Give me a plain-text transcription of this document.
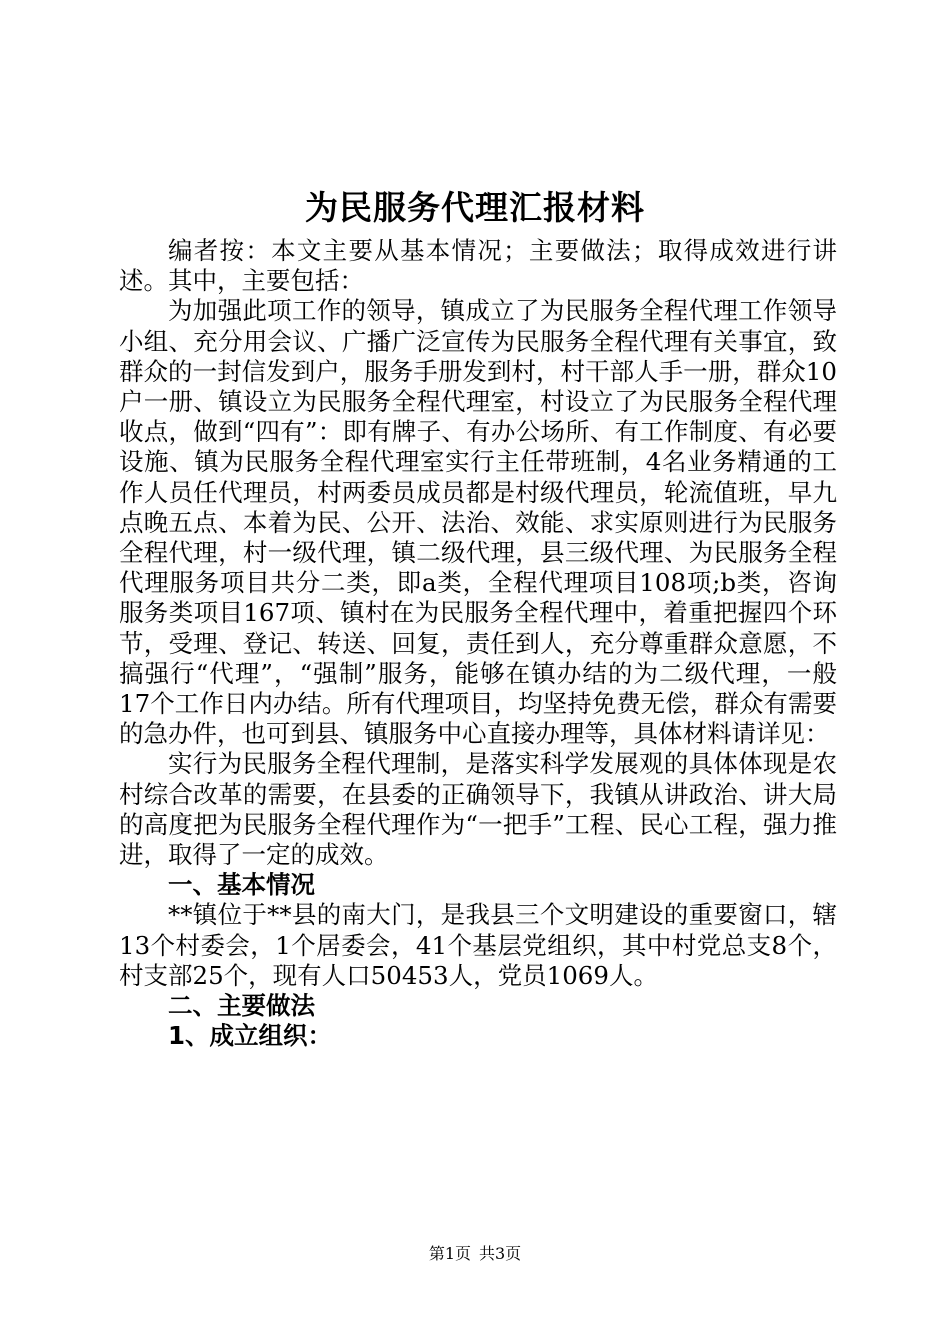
为民服务代理汇报材料

编者按：本文主要从基本情况；主要做法；取得成效进行讲述。其中，主要包括：

为加强此项工作的领导，镇成立了为民服务全程代理工作领导小组、充分用会议、广播广泛宣传为民服务全程代理有关事宜，致群众的一封信发到户，服务手册发到村，村干部人手一册，群众10户一册、镇设立为民服务全程代理室，村设立了为民服务全程代理收点，做到“四有”：即有牌子、有办公场所、有工作制度、有必要设施、镇为民服务全程代理室实行主任带班制，4名业务精通的工作人员任代理员，村两委员成员都是村级代理员，轮流值班，早九点晚五点、本着为民、公开、法治、效能、求实原则进行为民服务全程代理，村一级代理，镇二级代理，县三级代理、为民服务全程代理服务项目共分二类，即a类，全程代理项目108项;b类，咨询服务类项目167项、镇村在为民服务全程代理中，着重把握四个环节，受理、登记、转送、回复，责任到人，充分尊重群众意愿，不搞强行“代理”，“强制”服务，能够在镇办结的为二级代理，一般17个工作日内办结。所有代理项目，均坚持免费无偿，群众有需要的急办件，也可到县、镇服务中心直接办理等，具体材料请详见：

实行为民服务全程代理制，是落实科学发展观的具体体现是农村综合改革的需要，在县委的正确领导下，我镇从讲政治、讲大局的高度把为民服务全程代理作为“一把手”工程、民心工程，强力推进，取得了一定的成效。

一、基本情况

**镇位于**县的南大门，是我县三个文明建设的重要窗口，辖13个村委会，1个居委会，41个基层党组织，其中村党总支8个，村支部25个，现有人口50453人，党员1069人。

二、主要做法
1、成立组织：
第1页 共3页
